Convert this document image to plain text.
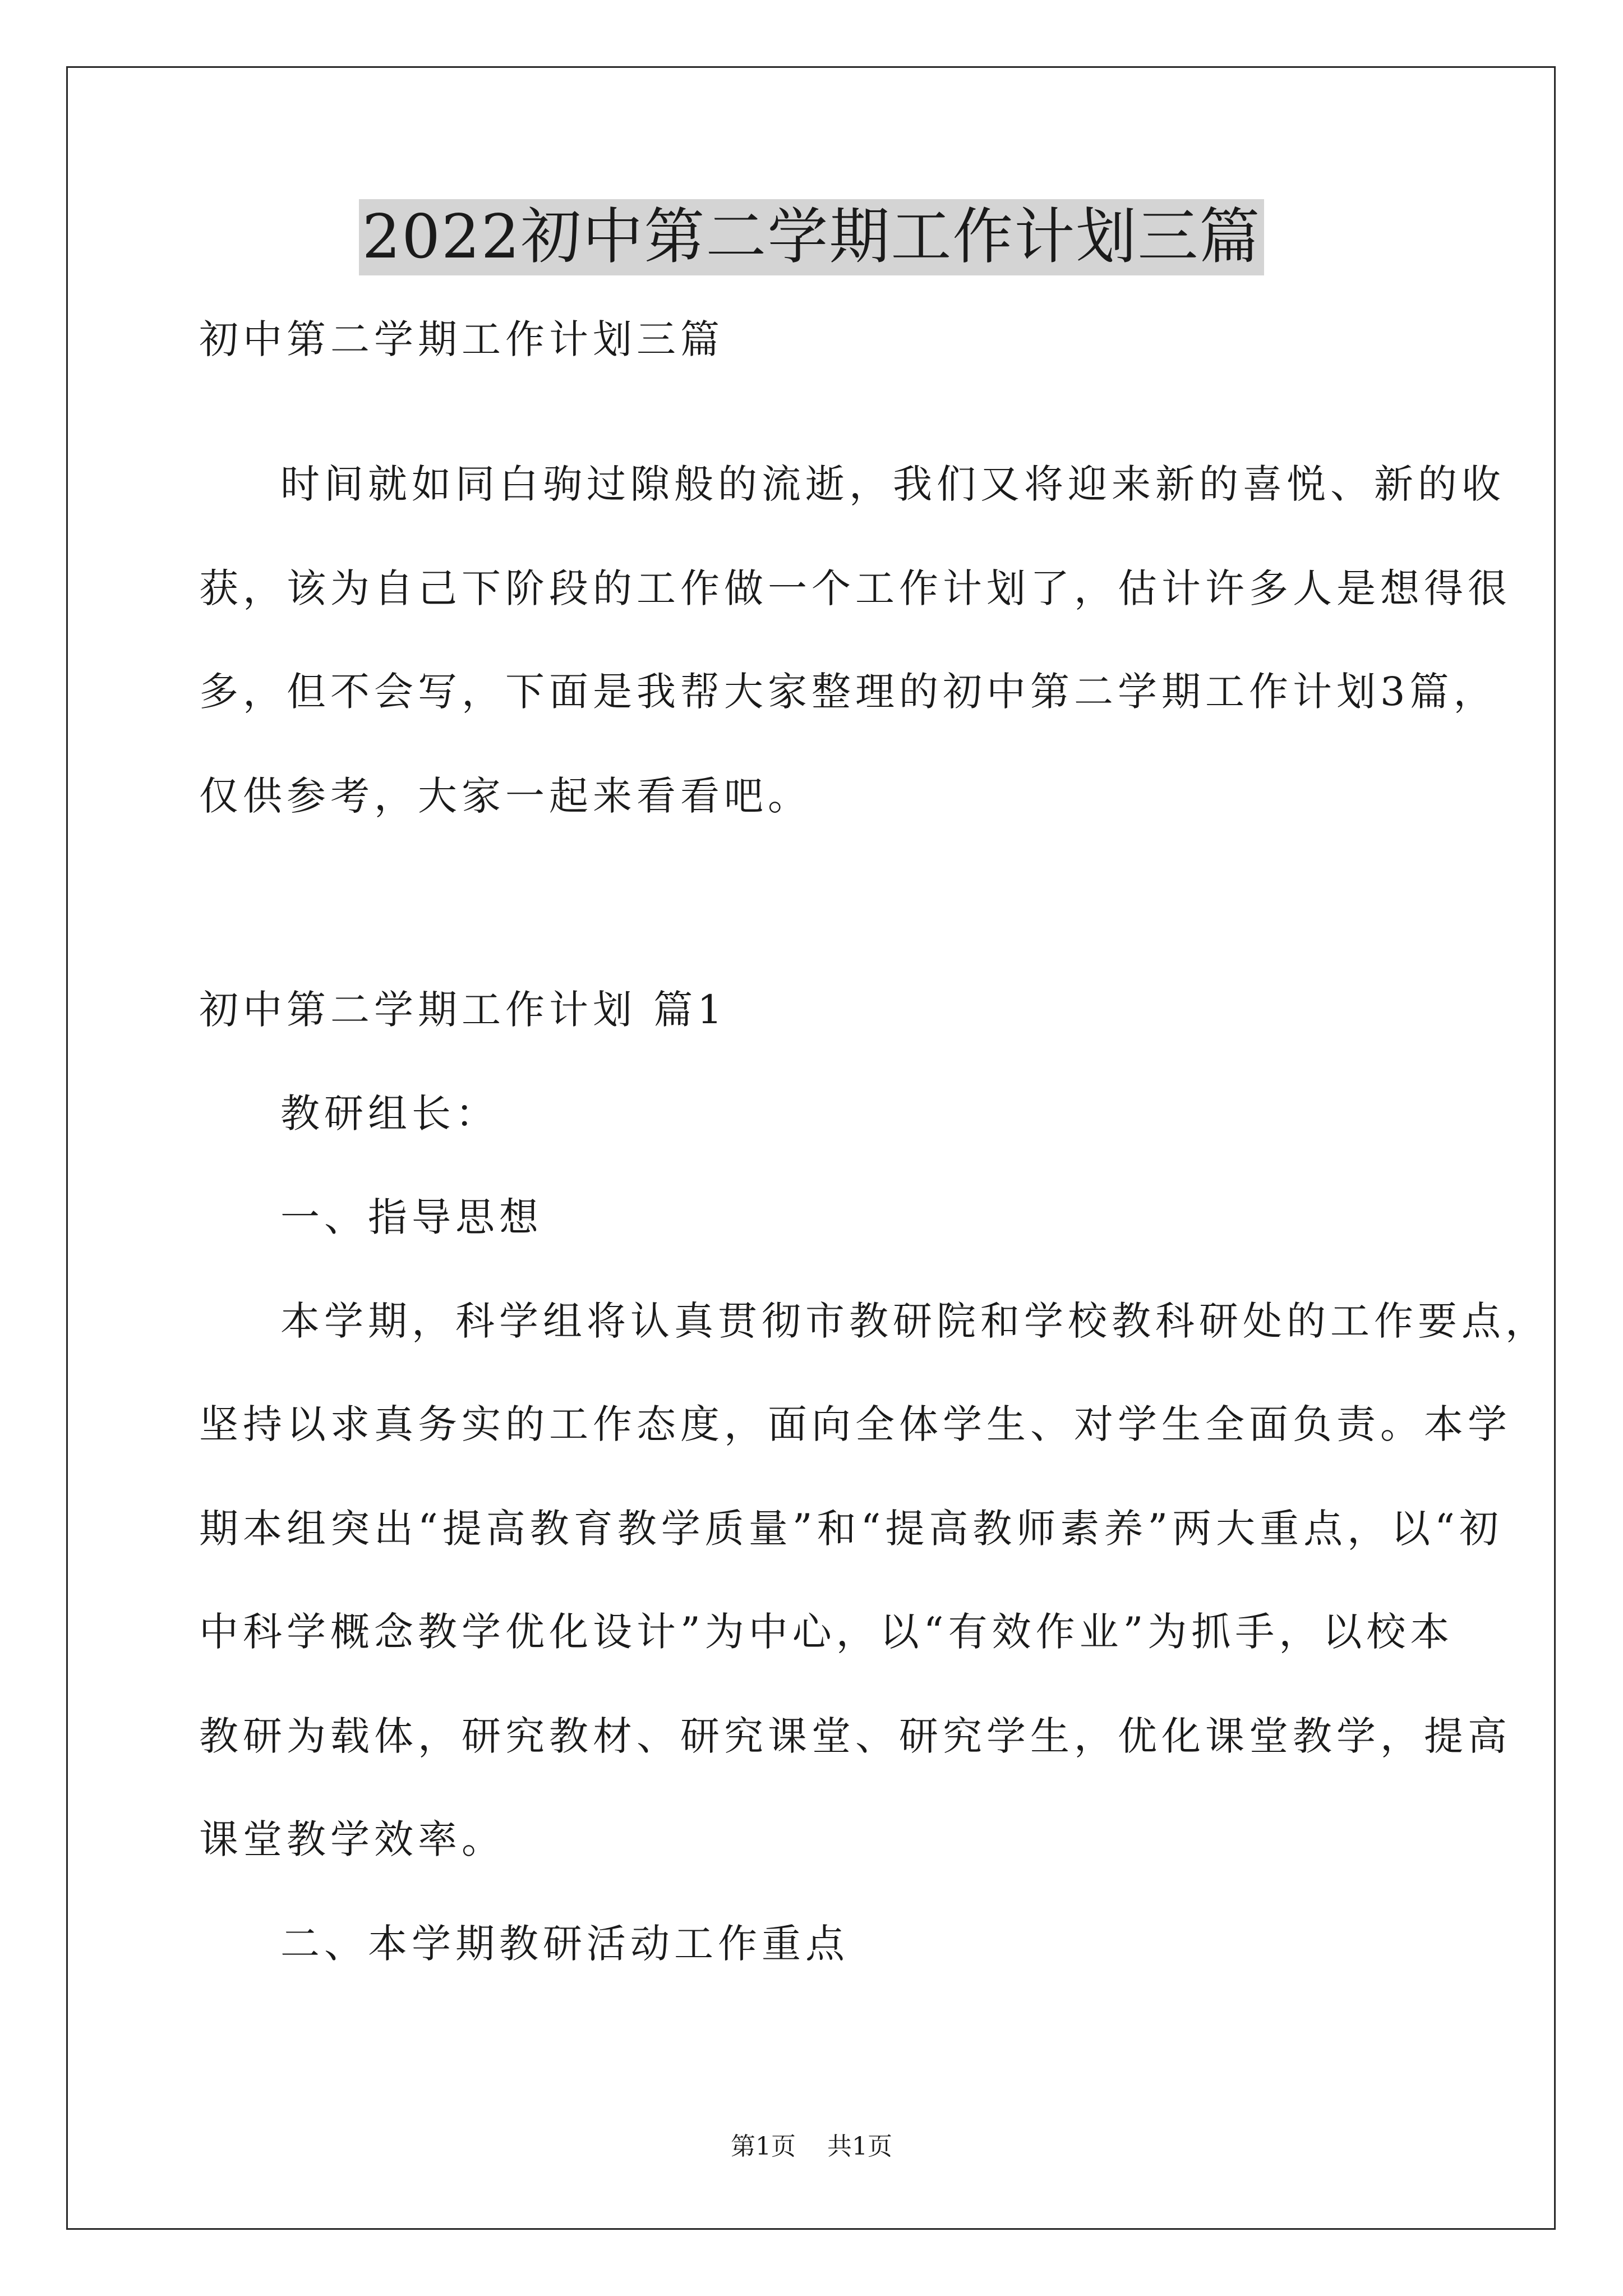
2022初中第二学期工作计划三篇

初中第二学期工作计划三篇

时间就如同白驹过隙般的流逝，我们又将迎来新的喜悦、新的收

获，该为自己下阶段的工作做一个工作计划了，估计许多人是想得很

多，但不会写，下面是我帮大家整理的初中第二学期工作计划3篇，

仅供参考，大家一起来看看吧。

初中第二学期工作计划 篇1

教研组长：

一、指导思想

本学期，科学组将认真贯彻市教研院和学校教科研处的工作要点，

坚持以求真务实的工作态度，面向全体学生、对学生全面负责。本学

期本组突出“提高教育教学质量”和“提高教师素养”两大重点，以“初

中科学概念教学优化设计”为中心，以“有效作业”为抓手，以校本

教研为载体，研究教材、研究课堂、研究学生，优化课堂教学，提高

课堂教学效率。

二、本学期教研活动工作重点

第1页    共1页
